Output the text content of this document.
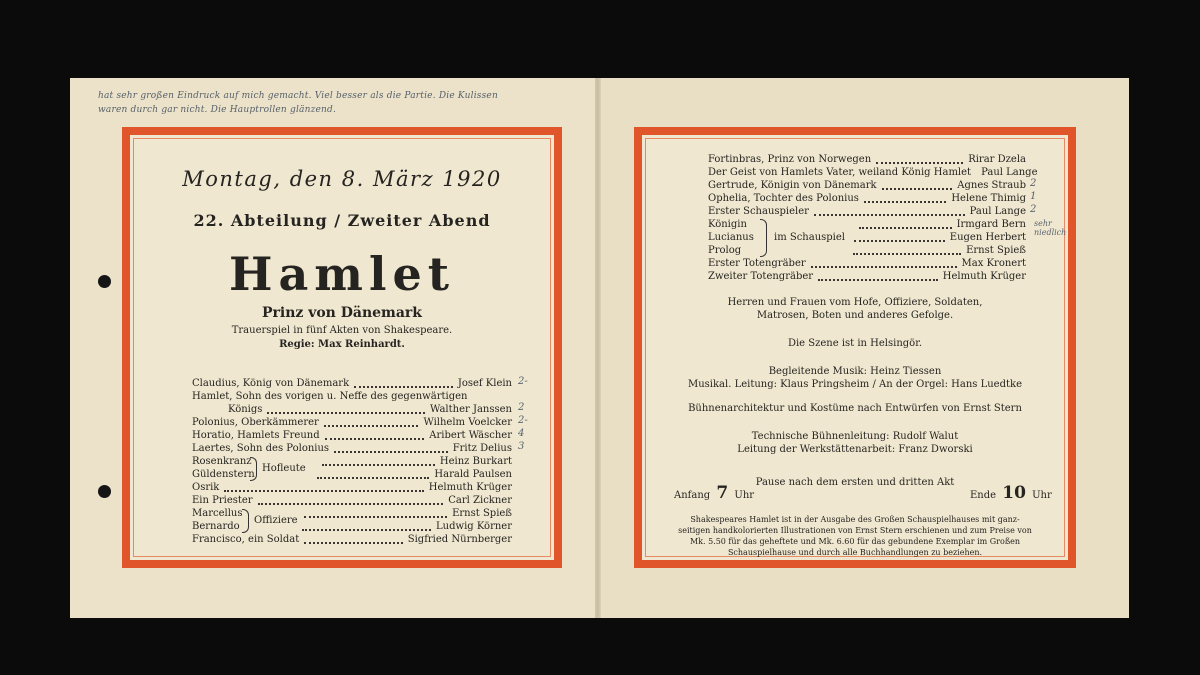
hat sehr großen Eindruck auf mich gemacht. Viel besser als die Partie. Die Kulissen
waren durch gar nicht. Die Hauptrollen glänzend.
Montag, den 8. März 1920
22. Abteilung / Zweiter Abend
Hamlet
Prinz von Dänemark
Trauerspiel in fünf Akten von Shakespeare.
Regie: Max Reinhardt.
Claudius, König von Dänemark	Josef Klein
Hamlet, Sohn des vorigen u. Neffe des gegenwärtigen
Königs	Walther Janssen
Polonius, Oberkämmerer	Wilhelm Voelcker
Horatio, Hamlets Freund	Aribert Wäscher
Laertes, Sohn des Polonius	Fritz Delius
Rosenkranz	Heinz Burkart
Güldenstern	Harald Paulsen
Osrik	Helmuth Krüger
Ein Priester	Carl Zickner
Marcellus	Ernst Spieß
Bernardo	Ludwig Körner
Francisco, ein Soldat	Sigfried Nürnberger
Hofleute
Offiziere
2-
2
2-
4
3
Fortinbras, Prinz von Norwegen	Rirar Dzela
Der Geist von Hamlets Vater, weiland König Hamlet Paul Lange
Gertrude, Königin von Dänemark	Agnes Straub
Ophelia, Tochter des Polonius	Helene Thimig
Erster Schauspieler	Paul Lange
Königin	Irmgard Bern
Lucianus	Eugen Herbert
Prolog	Ernst Spieß
Erster Totengräber	Max Kronert
Zweiter Totengräber	Helmuth Krüger
im Schauspiel
2
1
2
sehr niedlich
Herren und Frauen vom Hofe, Offiziere, Soldaten,
Matrosen, Boten und anderes Gefolge.
Die Szene ist in Helsingör.
Begleitende Musik: Heinz Tiessen
Musikal. Leitung: Klaus Pringsheim / An der Orgel: Hans Luedtke
Bühnenarchitektur und Kostüme nach Entwürfen von Ernst Stern
Technische Bühnenleitung: Rudolf Walut
Leitung der Werkstättenarbeit: Franz Dworski
Pause nach dem ersten und dritten Akt
Anfang 7 Uhr	Ende 10 Uhr
Shakespeares Hamlet ist in der Ausgabe des Großen Schauspielhauses mit ganz-
seitigen handkolorierten Illustrationen von Ernst Stern erschienen und zum Preise von
Mk. 5.50 für das geheftete und Mk. 6.60 für das gebundene Exemplar im Großen
Schauspielhause und durch alle Buchhandlungen zu beziehen.
